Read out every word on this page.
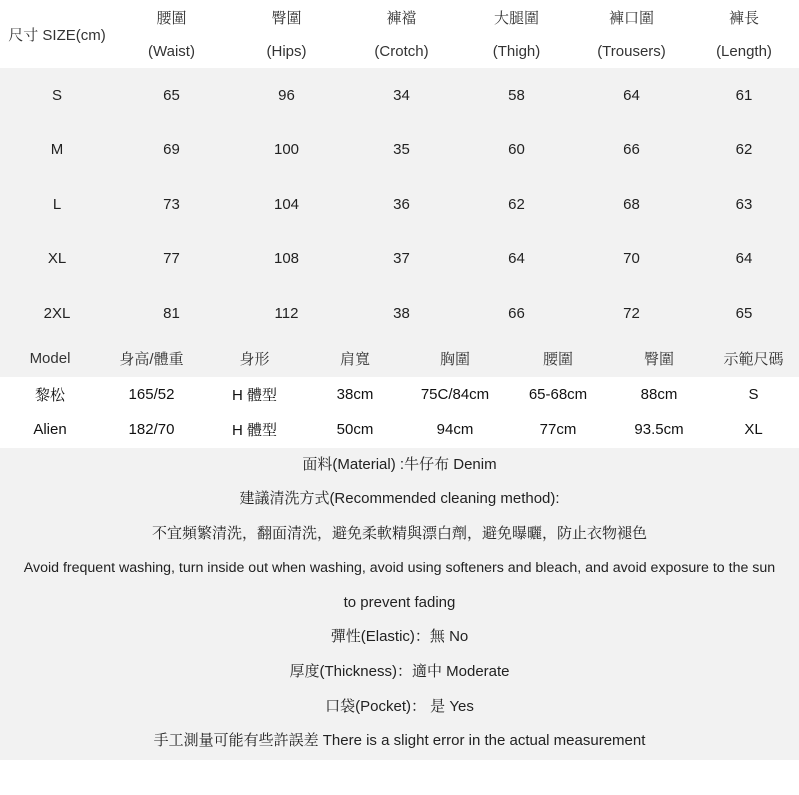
尺寸 SIZE(cm)	腰圍	臀圍	褲襠	大腿圍	褲口圍	褲長
	(Waist)	(Hips)	(Crotch)	(Thigh)	(Trousers)	(Length)
S	65	96	34	58	64	61
M	69	100	35	60	66	62
L	73	104	36	62	68	63
XL	77	108	37	64	70	64
2XL	81	112	38	66	72	65
Model	身高/體重	身形	肩寬	胸圍	腰圍	臀圍	示範尺碼
黎松	165/52	H 體型	38cm	75C/84cm	65-68cm	88cm	S
Alien	182/70	H 體型	50cm	94cm	77cm	93.5cm	XL
面料(Material) :牛仔布 Denim
建議清洗方式(Recommended cleaning method):
不宜頻繁清洗，翻面清洗，避免柔軟精與漂白劑，避免曝曬，防止衣物褪色
Avoid frequent washing, turn inside out when washing, avoid using softeners and bleach, and avoid exposure to the sun
to prevent fading
彈性(Elastic)：無 No
厚度(Thickness)：適中 Moderate
口袋(Pocket)： 是 Yes
手工測量可能有些許誤差 There is a slight error in the actual measurement
